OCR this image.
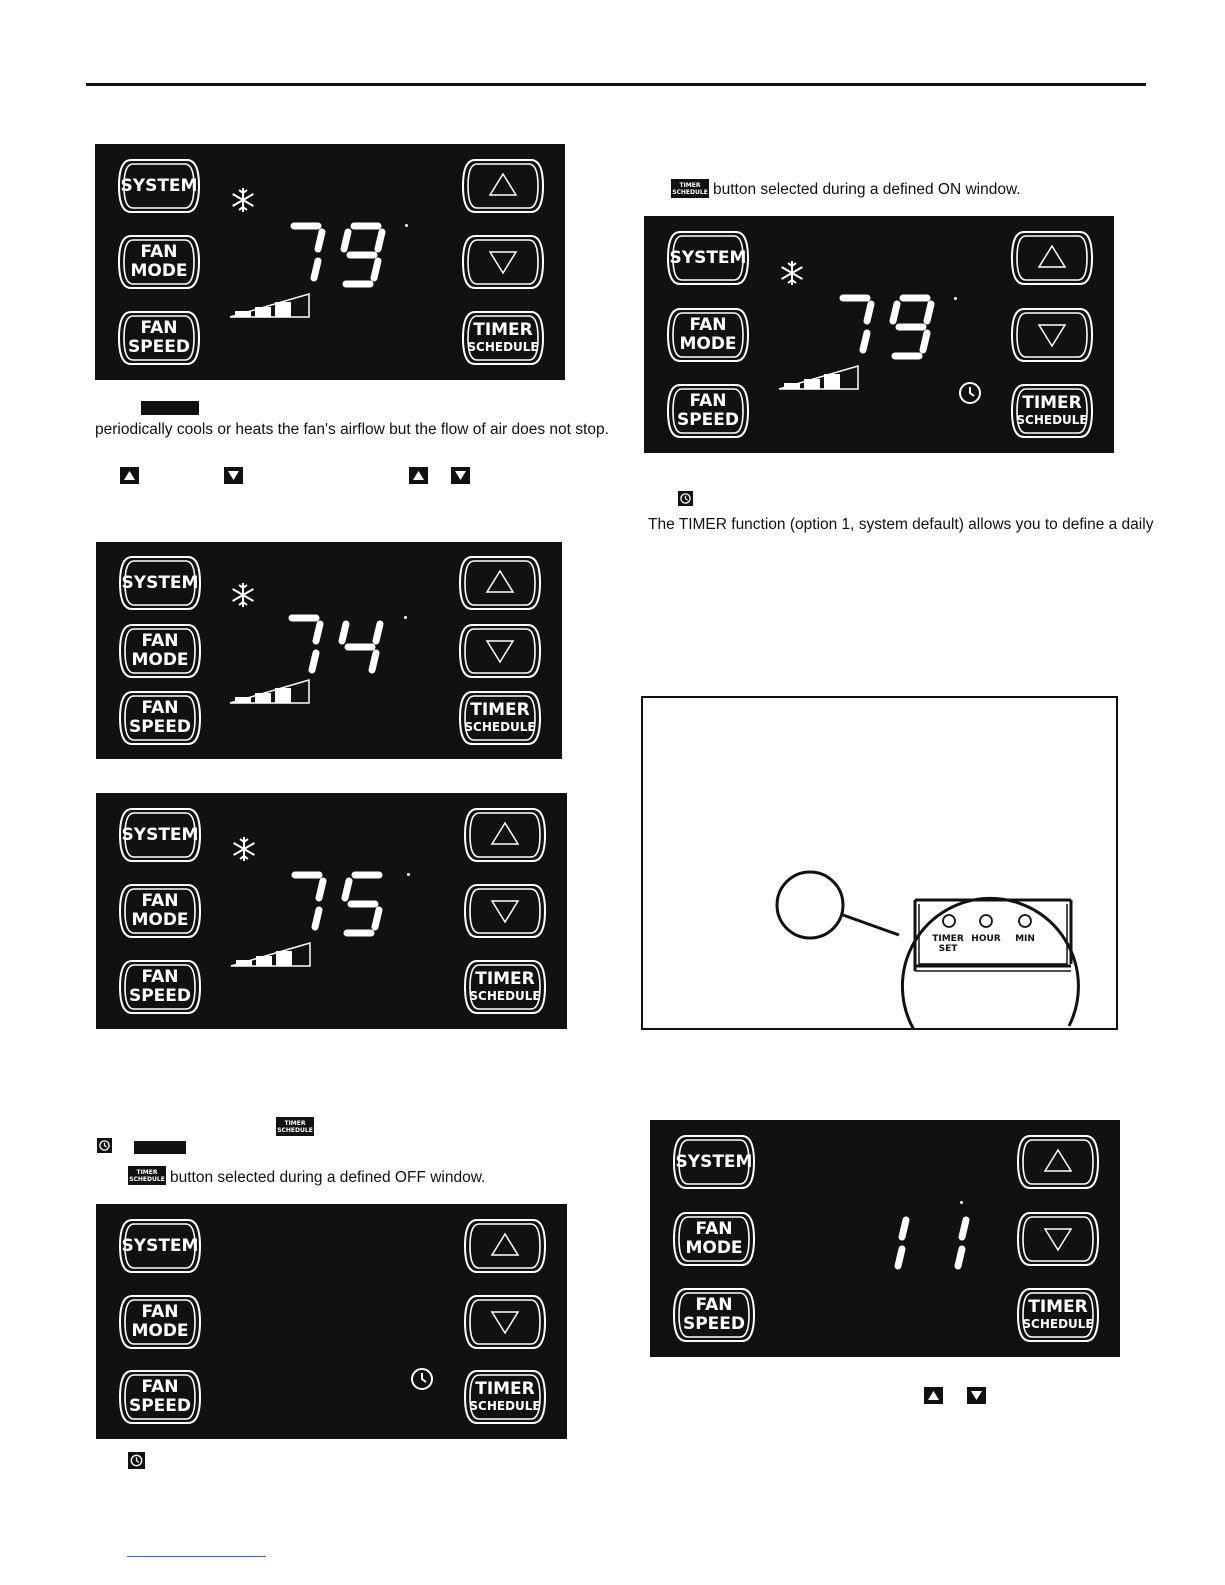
SYSTEM
FAN
MODE
FAN
SPEED
TIMER
SCHEDULE
SYSTEM
FAN
MODE
FAN
SPEED
TIMER
SCHEDULE
SYSTEM
FAN
MODE
FAN
SPEED
TIMER
SCHEDULE
SYSTEM
FAN
MODE
FAN
SPEED
TIMER
SCHEDULE
SYSTEM
FAN
MODE
FAN
SPEED
TIMER
SCHEDULE
SYSTEM
FAN
MODE
FAN
SPEED
TIMER
SCHEDULE
periodically cools or heats the fan's airflow but the flow of air does not stop.
TIMER
SCHEDULE
TIMER
SCHEDULE button selected during a defined OFF window.
TIMER
SCHEDULE button selected during a defined ON window.
The TIMER function (option 1, system default) allows you to define a daily
TIMER
SET
HOUR	MIN
